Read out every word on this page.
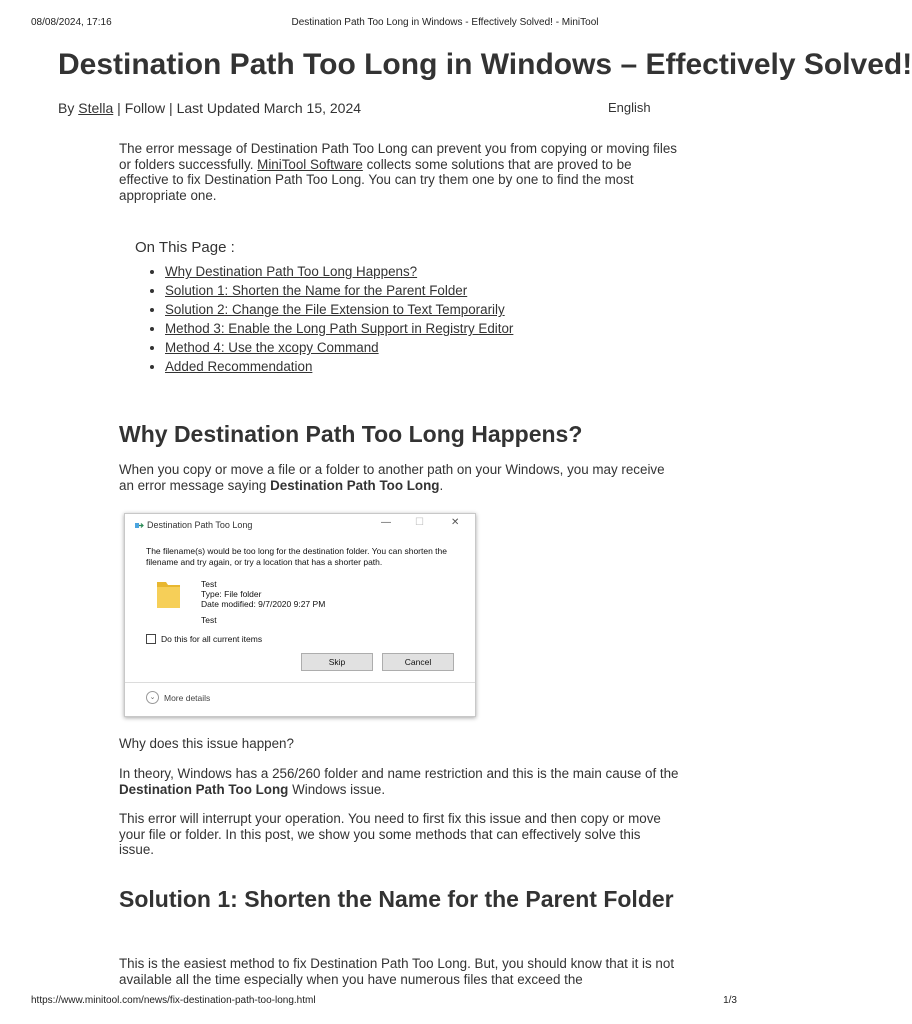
08/08/2024, 17:16	Destination Path Too Long in Windows - Effectively Solved! - MiniTool
Destination Path Too Long in Windows – Effectively Solved!
By Stella | Follow | Last Updated March 15, 2024	English

The error message of Destination Path Too Long can prevent you from copying or moving files or folders successfully. MiniTool Software collects some solutions that are proved to be effective to fix Destination Path Too Long. You can try them one by one to find the most appropriate one.

On This Page :
• Why Destination Path Too Long Happens?
• Solution 1: Shorten the Name for the Parent Folder
• Solution 2: Change the File Extension to Text Temporarily
• Method 3: Enable the Long Path Support in Registry Editor
• Method 4: Use the xcopy Command
• Added Recommendation
Why Destination Path Too Long Happens?

When you copy or move a file or a folder to another path on your Windows, you may receive an error message saying Destination Path Too Long.

Destination Path Too Long	— ☐	✕
The filename(s) would be too long for the destination folder. You can shorten the filename and try again, or try a location that has a shorter path.
Test
Type: File folder
Date modified: 9/7/2020 9:27 PM
Test
Do this for all current items
Skip	Cancel
⌄	More details

Why does this issue happen?

In theory, Windows has a 256/260 folder and name restriction and this is the main cause of the Destination Path Too Long Windows issue.

This error will interrupt your operation. You need to first fix this issue and then copy or move your file or folder. In this post, we show you some methods that can effectively solve this issue.

Solution 1: Shorten the Name for the Parent Folder

This is the easiest method to fix Destination Path Too Long. But, you should know that it is not available all the time especially when you have numerous files that exceed the

https://www.minitool.com/news/fix-destination-path-too-long.html	1/3
